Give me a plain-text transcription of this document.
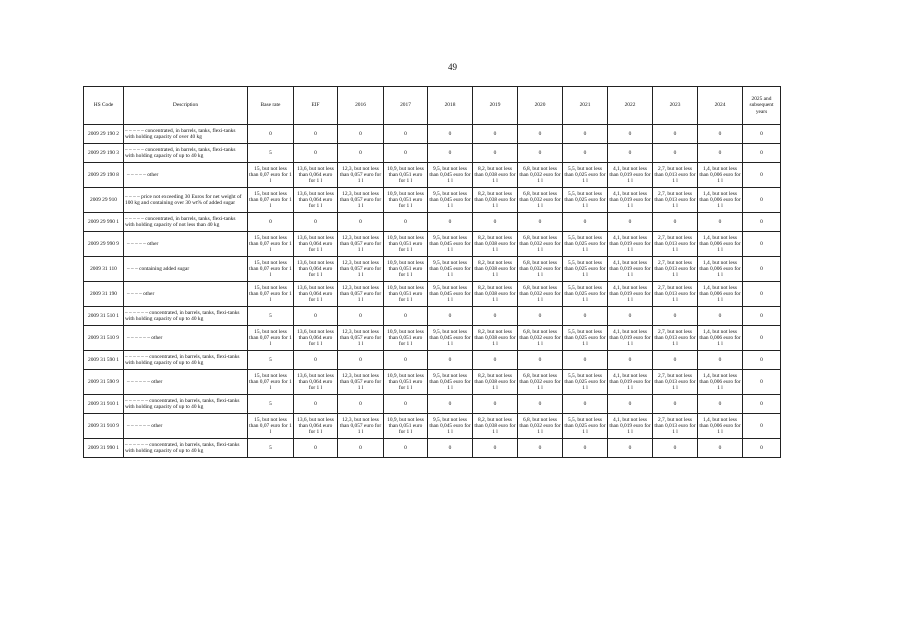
49
HS Code	Description	Base rate	EIF	2016	2017	2018	2019	2020	2021	2022	2023	2024	2025 and subsequent years
2009 29 190 2	– – – – – concentrated, in barrels, tanks, flexi-tanks with holding capacity of over 40 kg	0	0	0	0	0	0	0	0	0	0	0	0
2009 29 190 3	– – – – – concentrated, in barrels, tanks, flexi-tanks with holding capacity of up to 40 kg	5	0	0	0	0	0	0	0	0	0	0	0
2009 29 190 8	– – – – – other	15, but not less than 0,07 euro for 1 l	13,6, but not less than 0,064 euro for 1 l	12,3, but not less than 0,057 euro for 1 l	10,9, but not less than 0,051 euro for 1 l	9,5, but not less than 0,045 euro for 1 l	8,2, but not less than 0,038 euro for 1 l	6,8, but not less than 0,032 euro for 1 l	5,5, but not less than 0,025 euro for 1 l	4,1, but not less than 0,019 euro for 1 l	2,7, but not less than 0,013 euro for 1 l	1,4, but not less than 0,006 euro for 1 l	0
2009 29 910	– – – – price not exceeding 30 Euros for net weight of 100 kg and containing over 30 wt% of added sugar	15, but not less than 0,07 euro for 1 l	13,6, but not less than 0,064 euro for 1 l	12,3, but not less than 0,057 euro for 1 l	10,9, but not less than 0,051 euro for 1 l	9,5, but not less than 0,045 euro for 1 l	8,2, but not less than 0,038 euro for 1 l	6,8, but not less than 0,032 euro for 1 l	5,5, but not less than 0,025 euro for 1 l	4,1, but not less than 0,019 euro for 1 l	2,7, but not less than 0,013 euro for 1 l	1,4, but not less than 0,006 euro for 1 l	0
2009 29 990 1	– – – – – concentrated, in barrels, tanks, flexi-tanks with holding capacity of not less than 40 kg	0	0	0	0	0	0	0	0	0	0	0	0
2009 29 990 9	– – – – – other	15, but not less than 0,07 euro for 1 l	13,6, but not less than 0,064 euro for 1 l	12,3, but not less than 0,057 euro for 1 l	10,9, but not less than 0,051 euro for 1 l	9,5, but not less than 0,045 euro for 1 l	8,2, but not less than 0,038 euro for 1 l	6,8, but not less than 0,032 euro for 1 l	5,5, but not less than 0,025 euro for 1 l	4,1, but not less than 0,019 euro for 1 l	2,7, but not less than 0,013 euro for 1 l	1,4, but not less than 0,006 euro for 1 l	0
2009 31 110	– – – containing added sugar	15, but not less than 0,07 euro for 1 l	13,6, but not less than 0,064 euro for 1 l	12,3, but not less than 0,057 euro for 1 l	10,9, but not less than 0,051 euro for 1 l	9,5, but not less than 0,045 euro for 1 l	8,2, but not less than 0,038 euro for 1 l	6,8, but not less than 0,032 euro for 1 l	5,5, but not less than 0,025 euro for 1 l	4,1, but not less than 0,019 euro for 1 l	2,7, but not less than 0,013 euro for 1 l	1,4, but not less than 0,006 euro for 1 l	0
2009 31 190	– – – – other	15, but not less than 0,07 euro for 1 l	13,6, but not less than 0,064 euro for 1 l	12,3, but not less than 0,057 euro for 1 l	10,9, but not less than 0,051 euro for 1 l	9,5, but not less than 0,045 euro for 1 l	8,2, but not less than 0,038 euro for 1 l	6,8, but not less than 0,032 euro for 1 l	5,5, but not less than 0,025 euro for 1 l	4,1, but not less than 0,019 euro for 1 l	2,7, but not less than 0,013 euro for 1 l	1,4, but not less than 0,006 euro for 1 l	0
2009 31 510 1	– – – – – – concentrated, in barrels, tanks, flexi-tanks with holding capacity of up to 40 kg	5	0	0	0	0	0	0	0	0	0	0	0
2009 31 510 9	– – – – – – other	15, but not less than 0,07 euro for 1 l	13,6, but not less than 0,064 euro for 1 l	12,3, but not less than 0,057 euro for 1 l	10,9, but not less than 0,051 euro for 1 l	9,5, but not less than 0,045 euro for 1 l	8,2, but not less than 0,038 euro for 1 l	6,8, but not less than 0,032 euro for 1 l	5,5, but not less than 0,025 euro for 1 l	4,1, but not less than 0,019 euro for 1 l	2,7, but not less than 0,013 euro for 1 l	1,4, but not less than 0,006 euro for 1 l	0
2009 31 590 1	– – – – – – concentrated, in barrels, tanks, flexi-tanks with holding capacity of up to 40 kg	5	0	0	0	0	0	0	0	0	0	0	0
2009 31 590 9	– – – – – – other	15, but not less than 0,07 euro for 1 l	13,6, but not less than 0,064 euro for 1 l	12,3, but not less than 0,057 euro for 1 l	10,9, but not less than 0,051 euro for 1 l	9,5, but not less than 0,045 euro for 1 l	8,2, but not less than 0,038 euro for 1 l	6,8, but not less than 0,032 euro for 1 l	5,5, but not less than 0,025 euro for 1 l	4,1, but not less than 0,019 euro for 1 l	2,7, but not less than 0,013 euro for 1 l	1,4, but not less than 0,006 euro for 1 l	0
2009 31 910 1	– – – – – – concentrated, in barrels, tanks, flexi-tanks with holding capacity of up to 40 kg	5	0	0	0	0	0	0	0	0	0	0	0
2009 31 910 9	– – – – – – other	15, but not less than 0,07 euro for 1 l	13,6, but not less than 0,064 euro for 1 l	12,3, but not less than 0,057 euro for 1 l	10,9, but not less than 0,051 euro for 1 l	9,5, but not less than 0,045 euro for 1 l	8,2, but not less than 0,038 euro for 1 l	6,8, but not less than 0,032 euro for 1 l	5,5, but not less than 0,025 euro for 1 l	4,1, but not less than 0,019 euro for 1 l	2,7, but not less than 0,013 euro for 1 l	1,4, but not less than 0,006 euro for 1 l	0
2009 31 990 1	– – – – – – concentrated, in barrels, tanks, flexi-tanks with holding capacity of up to 40 kg	5	0	0	0	0	0	0	0	0	0	0	0
